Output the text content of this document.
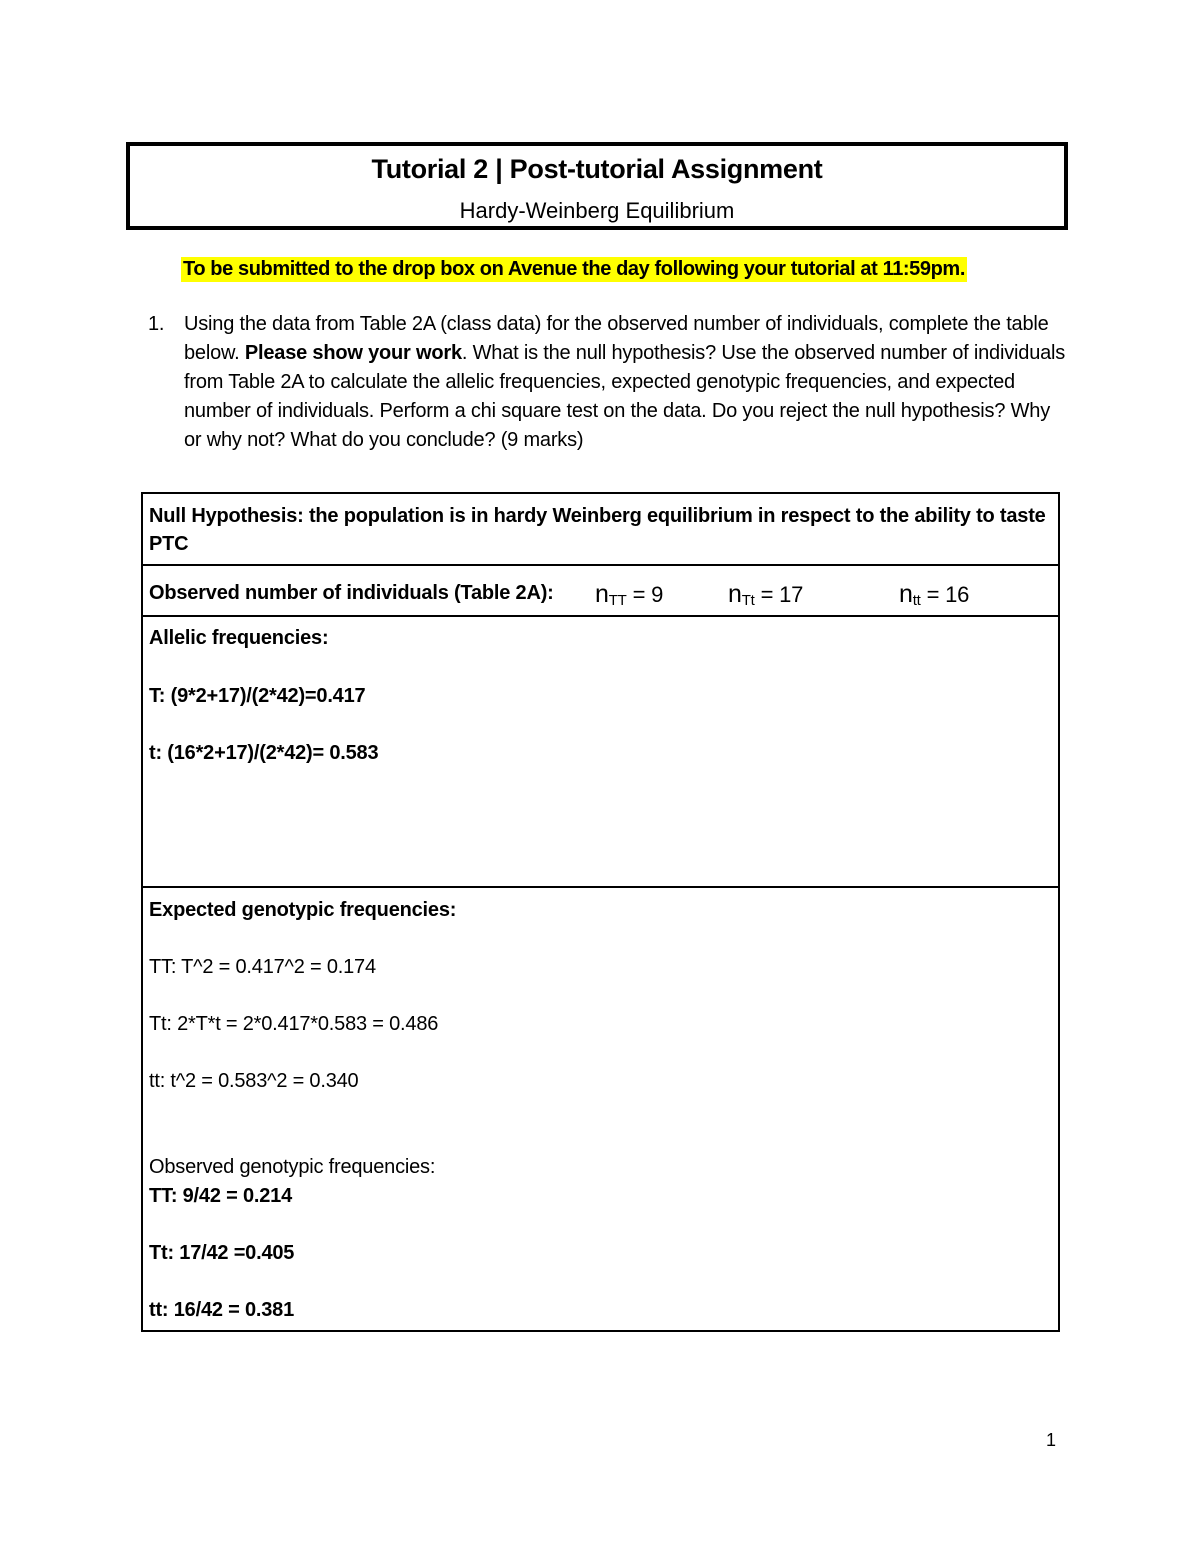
Tutorial 2 | Post-tutorial Assignment
Hardy-Weinberg Equilibrium
To be submitted to the drop box on Avenue the day following your tutorial at 11:59pm.
1. Using the data from Table 2A (class data) for the observed number of individuals, complete the table below. Please show your work. What is the null hypothesis? Use the observed number of individuals from Table 2A to calculate the allelic frequencies, expected genotypic frequencies, and expected number of individuals. Perform a chi square test on the data. Do you reject the null hypothesis? Why or why not? What do you conclude? (9 marks)
Null Hypothesis: the population is in hardy Weinberg equilibrium in respect to the ability to taste PTC
Observed number of individuals (Table 2A): $n_{TT} = 9$	$n_{Tt} = 17$	$n_{tt} = 16$
Allelic frequencies:
T: (9*2+17)/(2*42)=0.417
t: (16*2+17)/(2*42)= 0.583
Expected genotypic frequencies:
TT: T^2 = 0.417^2 = 0.174
Tt: 2*T*t = 2*0.417*0.583 = 0.486
tt: t^2 = 0.583^2 = 0.340
Observed genotypic frequencies:
TT: 9/42 = 0.214
Tt: 17/42 =0.405
tt: 16/42 = 0.381
1
